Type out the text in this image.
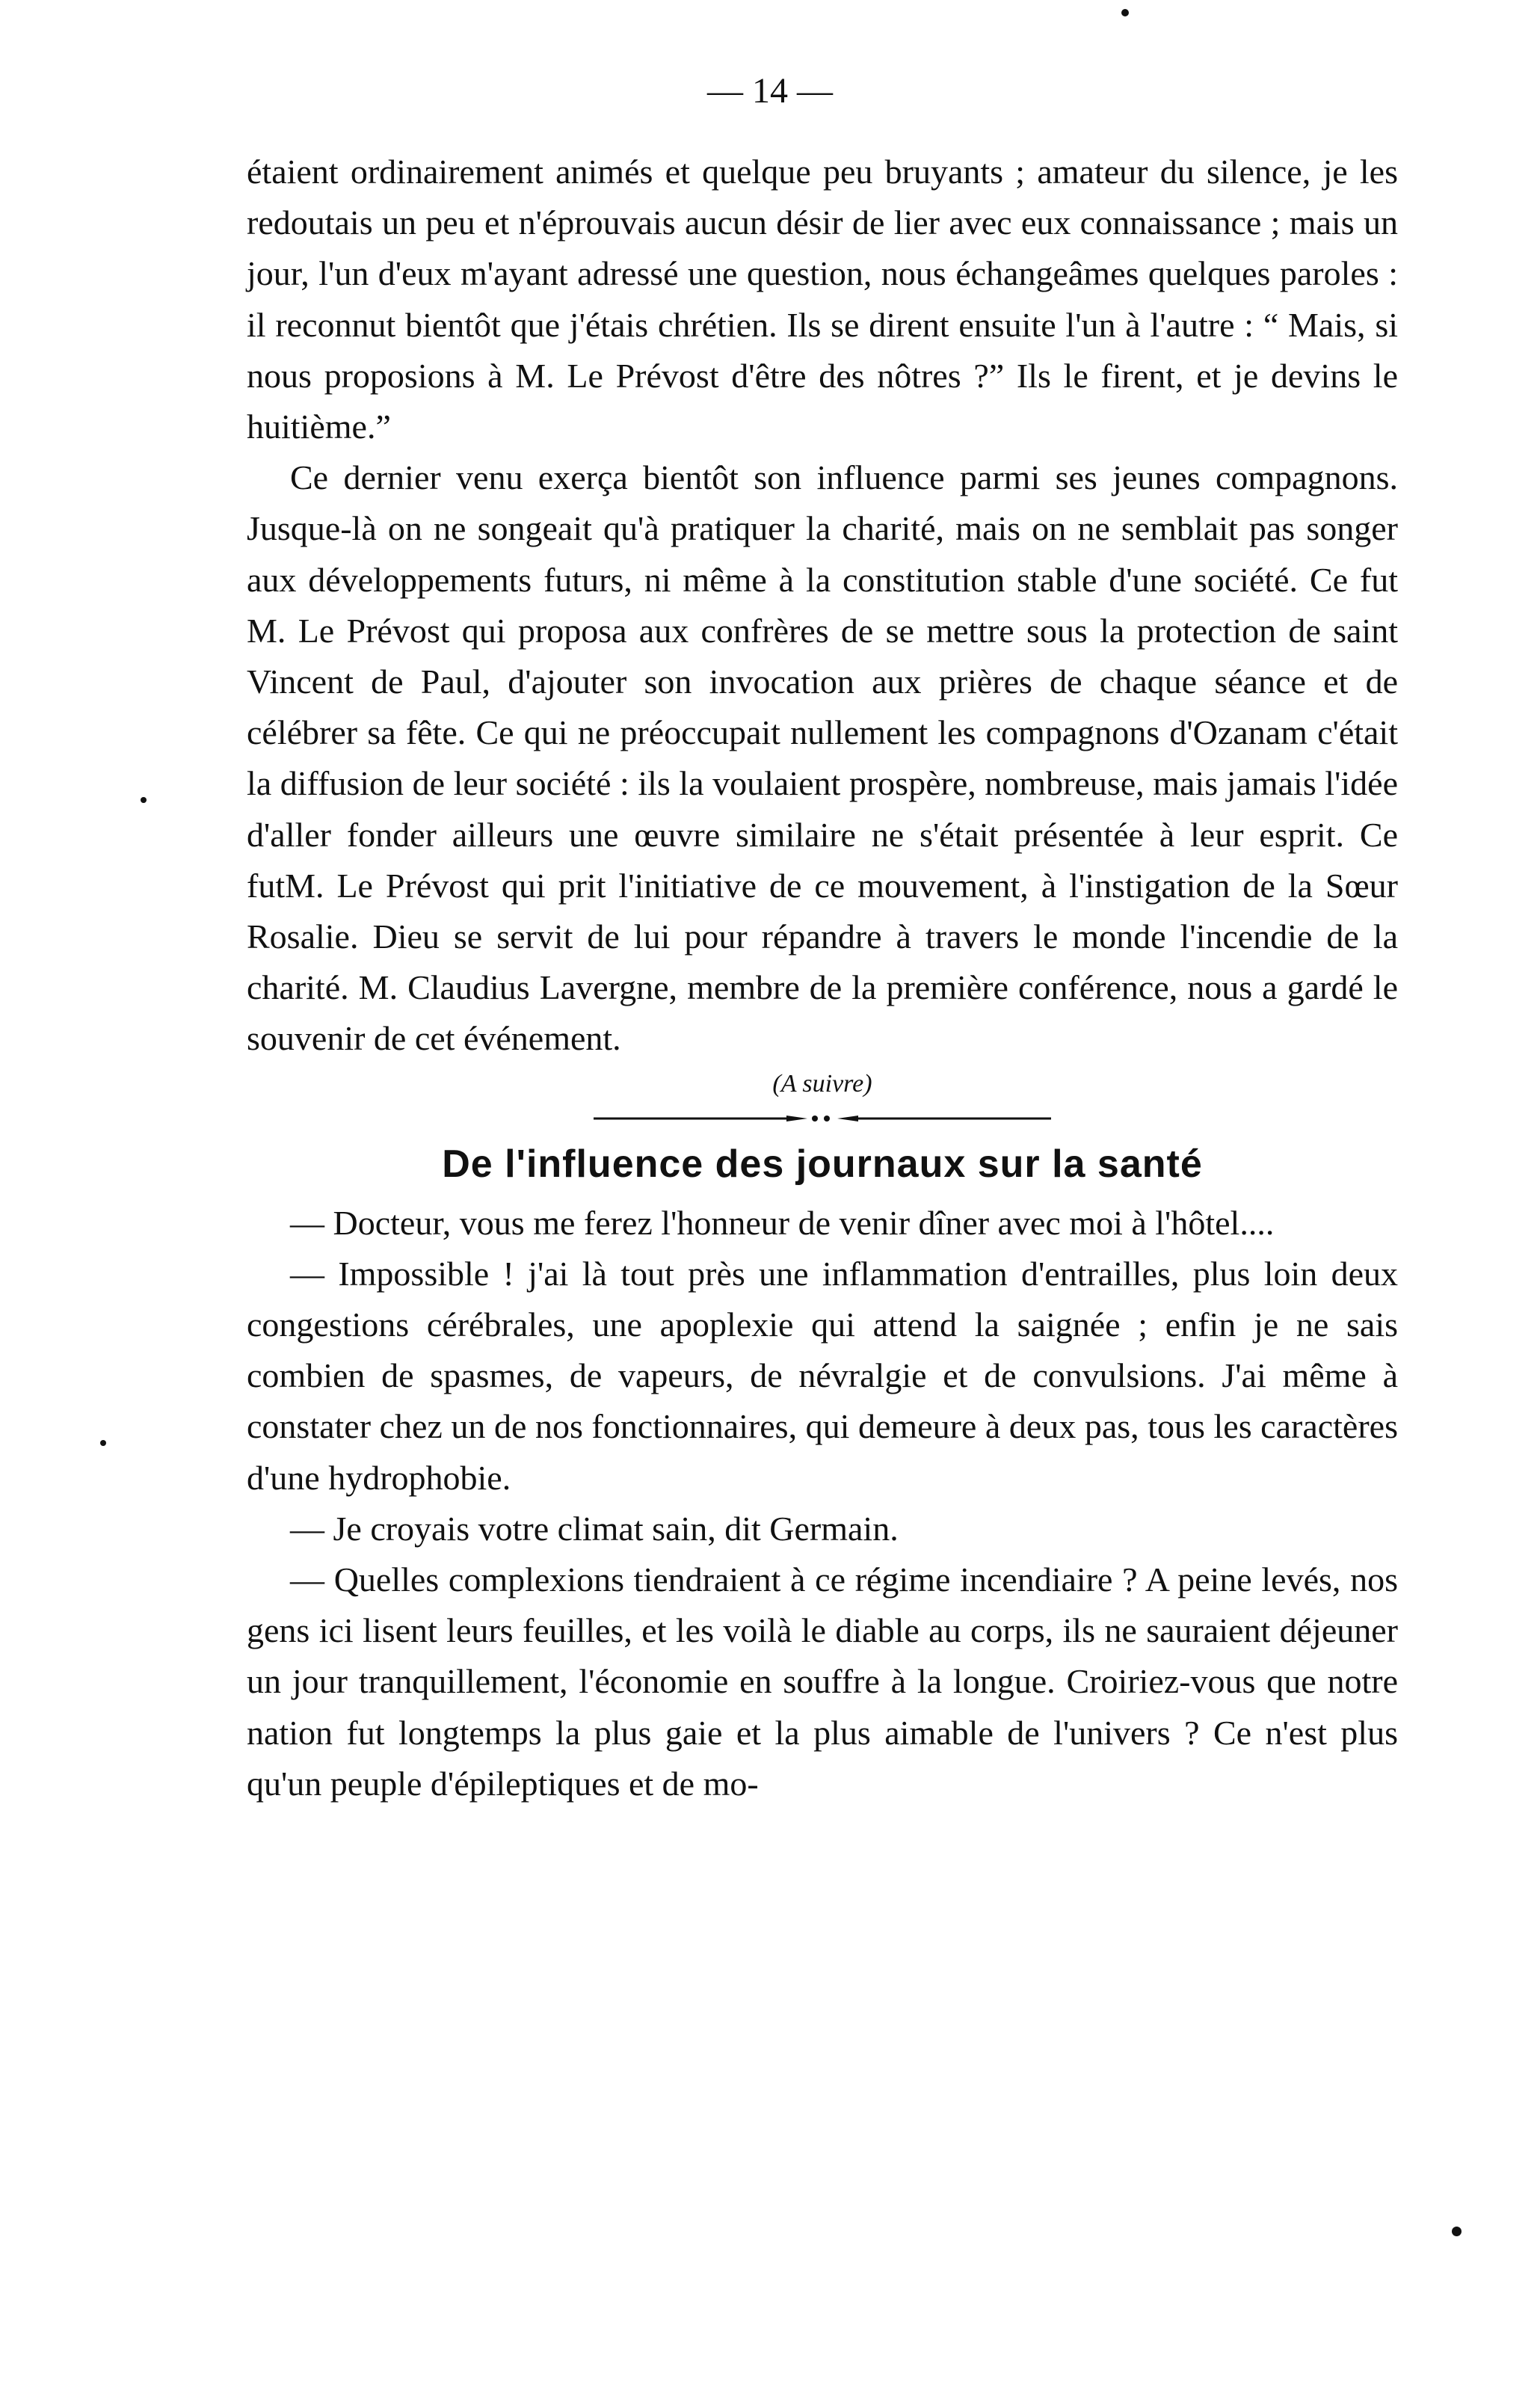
— 14 —

étaient ordinairement animés et quelque peu bruyants ; amateur du silence, je les redoutais un peu et n'éprouvais aucun désir de lier avec eux connaissance ; mais un jour, l'un d'eux m'ayant adressé une question, nous échangeâmes quelques paroles : il reconnut bientôt que j'étais chrétien. Ils se dirent ensuite l'un à l'autre : “ Mais, si nous proposions à M. Le Prévost d'être des nôtres ?” Ils le firent, et je devins le huitième.”

Ce dernier venu exerça bientôt son influence parmi ses jeunes compagnons. Jusque-là on ne songeait qu'à pratiquer la charité, mais on ne semblait pas songer aux développements futurs, ni même à la constitution stable d'une société. Ce fut M. Le Prévost qui proposa aux confrères de se mettre sous la protection de saint Vincent de Paul, d'ajouter son invocation aux prières de chaque séance et de célébrer sa fête. Ce qui ne préoccupait nullement les compagnons d'Ozanam c'était la diffusion de leur société : ils la voulaient prospère, nombreuse, mais jamais l'idée d'aller fonder ailleurs une œuvre similaire ne s'était présentée à leur esprit. Ce futM. Le Prévost qui prit l'initiative de ce mouvement, à l'instigation de la Sœur Rosalie. Dieu se servit de lui pour répandre à travers le monde l'incendie de la charité. M. Claudius Lavergne, membre de la première conférence, nous a gardé le souvenir de cet événement.

(A suivre)

De l'influence des journaux sur la santé

— Docteur, vous me ferez l'honneur de venir dîner avec moi à l'hôtel....

— Impossible ! j'ai là tout près une inflammation d'entrailles, plus loin deux congestions cérébrales, une apoplexie qui attend la saignée ; enfin je ne sais combien de spasmes, de vapeurs, de névralgie et de convulsions. J'ai même à constater chez un de nos fonctionnaires, qui demeure à deux pas, tous les caractères d'une hydrophobie.

— Je croyais votre climat sain, dit Germain.

— Quelles complexions tiendraient à ce régime incendiaire ? A peine levés, nos gens ici lisent leurs feuilles, et les voilà le diable au corps, ils ne sauraient déjeuner un jour tranquillement, l'économie en souffre à la longue. Croiriez-vous que notre nation fut longtemps la plus gaie et la plus aimable de l'univers ? Ce n'est plus qu'un peuple d'épileptiques et de mo-
